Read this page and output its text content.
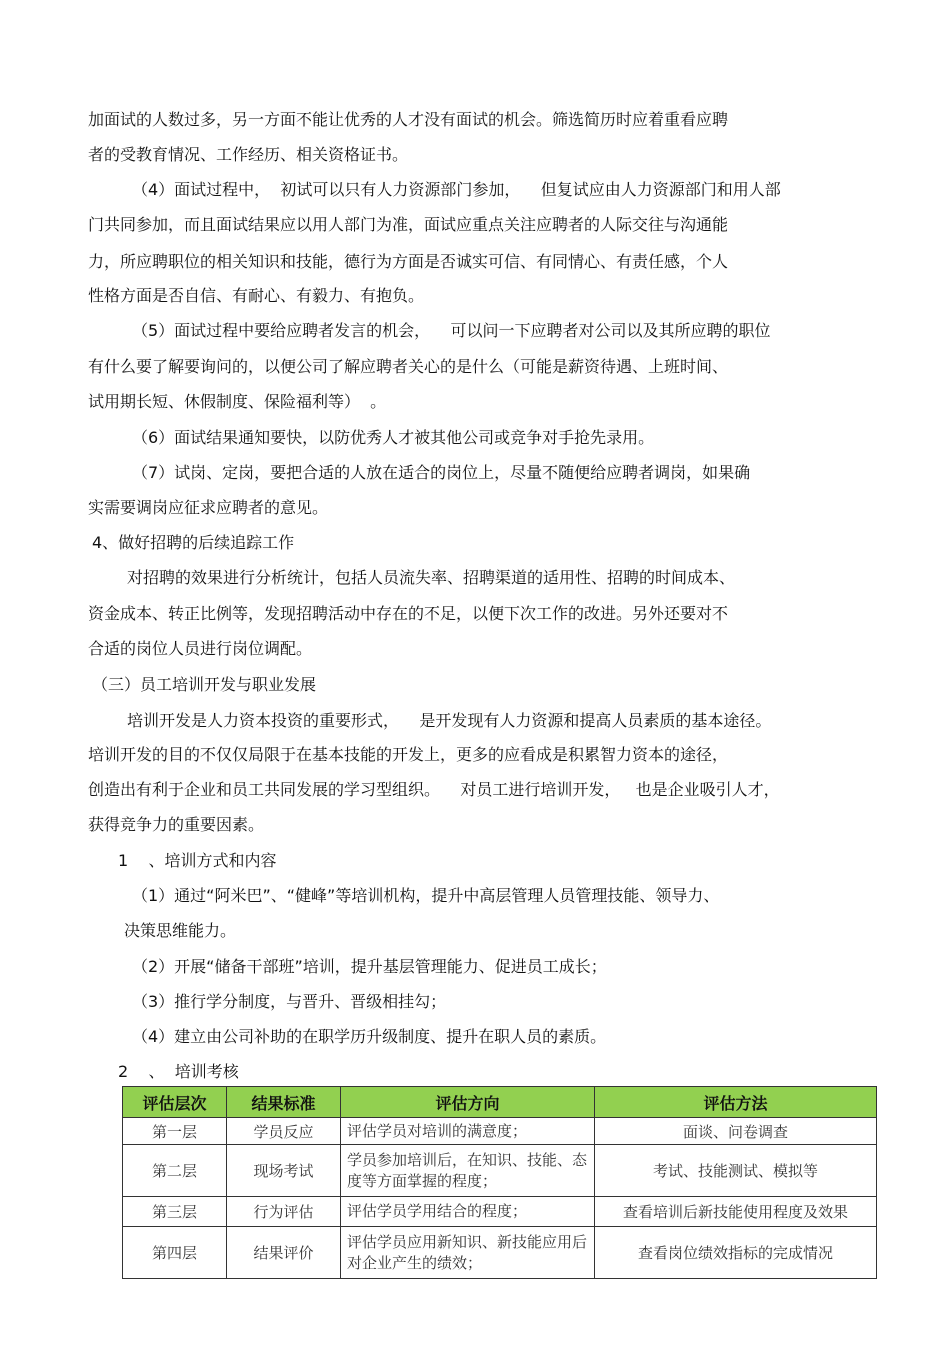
加面试的人数过多，另一方面不能让优秀的人才没有面试的机会。筛选简历时应着重看应聘
者的受教育情况、工作经历、相关资格证书。
（4）面试过程中，  初试可以只有人力资源部门参加，    但复试应由人力资源部门和用人部
门共同参加，而且面试结果应以用人部门为准，面试应重点关注应聘者的人际交往与沟通能
力，所应聘职位的相关知识和技能，德行为方面是否诚实可信、有同情心、有责任感，个人
性格方面是否自信、有耐心、有毅力、有抱负。
（5）面试过程中要给应聘者发言的机会，    可以问一下应聘者对公司以及其所应聘的职位
有什么要了解要询问的，以便公司了解应聘者关心的是什么（可能是薪资待遇、上班时间、
试用期长短、休假制度、保险福利等）  。
（6）面试结果通知要快，以防优秀人才被其他公司或竞争对手抢先录用。
（7）试岗、定岗，要把合适的人放在适合的岗位上，尽量不随便给应聘者调岗，如果确
实需要调岗应征求应聘者的意见。
4、做好招聘的后续追踪工作
对招聘的效果进行分析统计，包括人员流失率、招聘渠道的适用性、招聘的时间成本、
资金成本、转正比例等，发现招聘活动中存在的不足，以便下次工作的改进。另外还要对不
合适的岗位人员进行岗位调配。
（三）员工培训开发与职业发展
培训开发是人力资本投资的重要形式，    是开发现有人力资源和提高人员素质的基本途径。
培训开发的目的不仅仅局限于在基本技能的开发上，更多的应看成是积累智力资本的途径，
创造出有利于企业和员工共同发展的学习型组织。    对员工进行培训开发，   也是企业吸引人才，
获得竞争力的重要因素。
1    、培训方式和内容
（1）通过“阿米巴”、“健峰”等培训机构，提升中高层管理人员管理技能、领导力、
决策思维能力。
（2）开展“储备干部班”培训，提升基层管理能力、促进员工成长；
（3）推行学分制度，与晋升、晋级相挂勾；
（4）建立由公司补助的在职学历升级制度、提升在职人员的素质。
2    、  培训考核
评估层次	结果标准	评估方向	评估方法
第一层	学员反应	评估学员对培训的满意度；	面谈、问卷调查
第二层	现场考试	学员参加培训后，在知识、技能、态度等方面掌握的程度；	考试、技能测试、模拟等
第三层	行为评估	评估学员学用结合的程度；	查看培训后新技能使用程度及效果
第四层	结果评价	评估学员应用新知识、新技能应用后对企业产生的绩效；	查看岗位绩效指标的完成情况
